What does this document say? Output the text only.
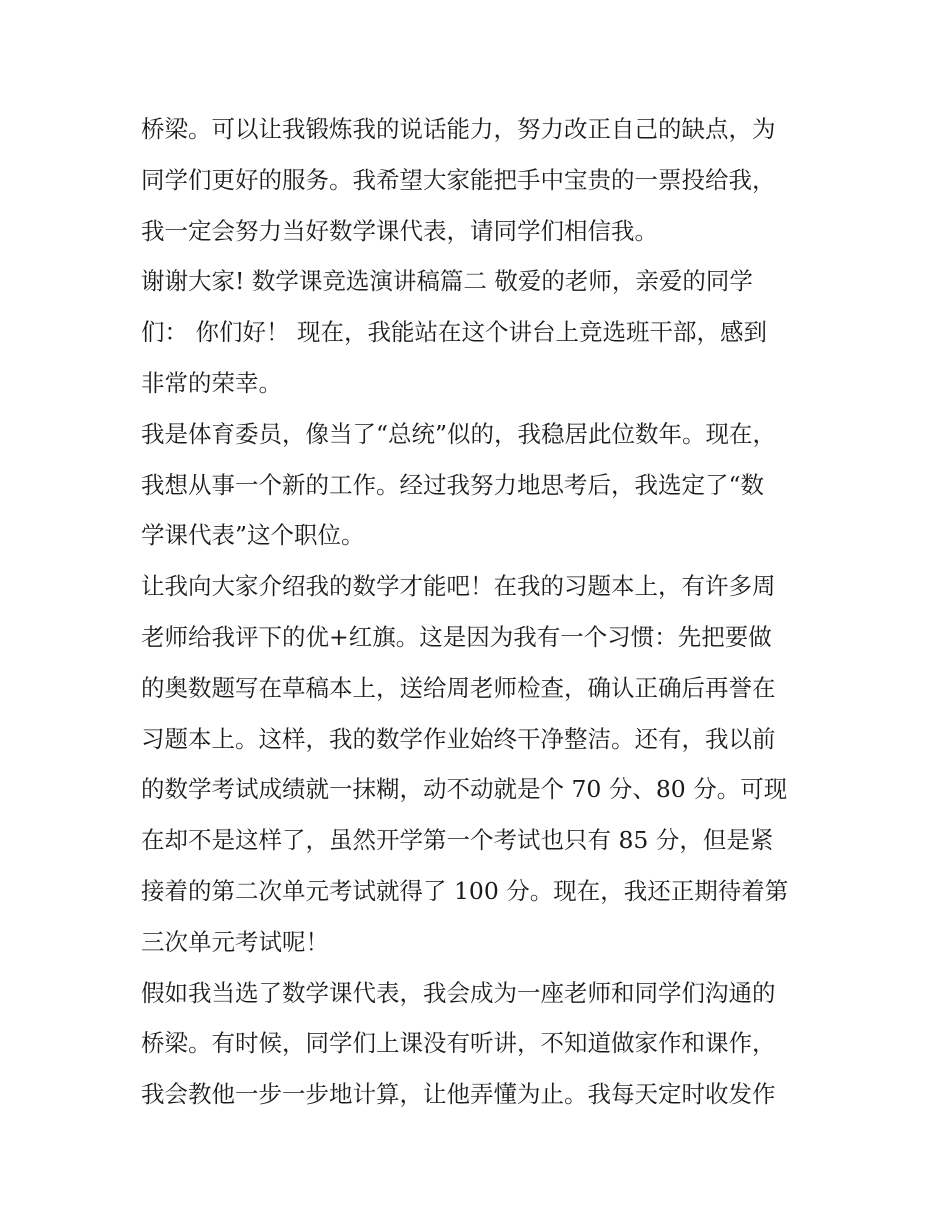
桥梁。可以让我锻炼我的说话能力，努力改正自己的缺点，为
同学们更好的服务。我希望大家能把手中宝贵的一票投给我，
我一定会努力当好数学课代表，请同学们相信我。
谢谢大家! 数学课竞选演讲稿篇二 敬爱的老师，亲爱的同学
们： 你们好！ 现在，我能站在这个讲台上竞选班干部，感到
非常的荣幸。
我是体育委员，像当了“总统”似的，我稳居此位数年。现在，
我想从事一个新的工作。经过我努力地思考后，我选定了“数
学课代表”这个职位。
让我向大家介绍我的数学才能吧！在我的习题本上，有许多周
老师给我评下的优+红旗。这是因为我有一个习惯：先把要做
的奥数题写在草稿本上，送给周老师检查，确认正确后再誉在
习题本上。这样，我的数学作业始终干净整洁。还有，我以前
的数学考试成绩就一抹糊，动不动就是个 70 分、80 分。可现
在却不是这样了，虽然开学第一个考试也只有 85 分，但是紧
接着的第二次单元考试就得了 100 分。现在，我还正期待着第
三次单元考试呢！
假如我当选了数学课代表，我会成为一座老师和同学们沟通的
桥梁。有时候，同学们上课没有听讲，不知道做家作和课作，
我会教他一步一步地计算，让他弄懂为止。我每天定时收发作
